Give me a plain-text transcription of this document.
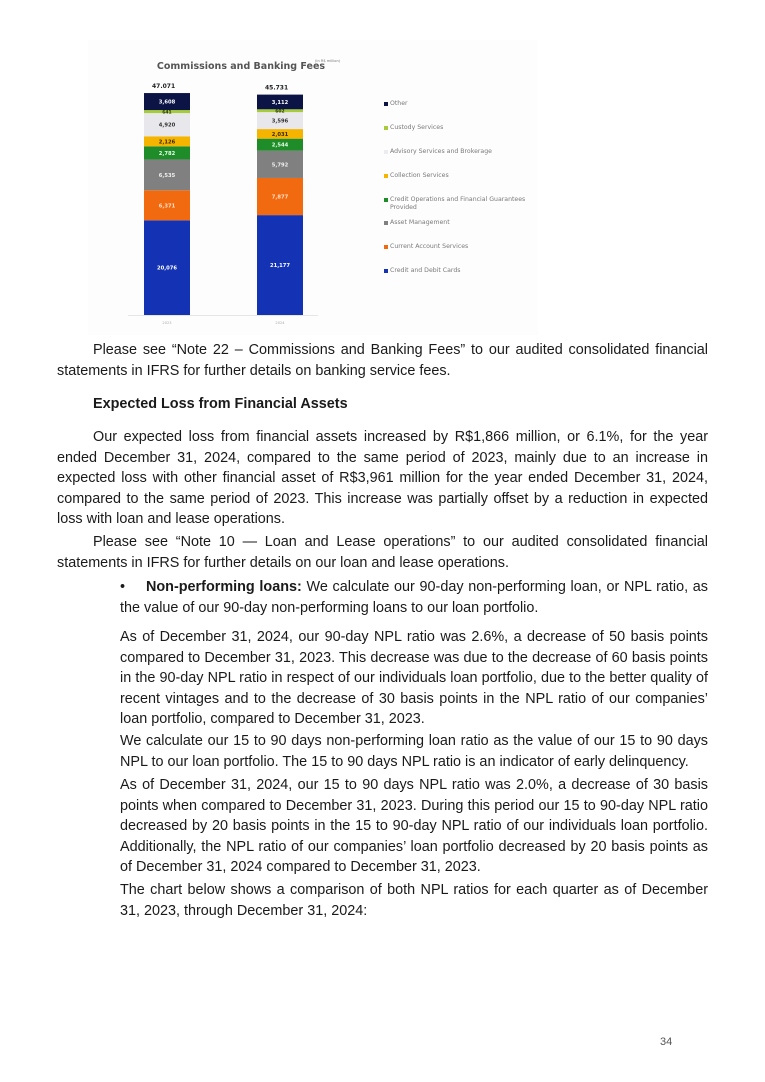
Commissions and Banking Fees
(In R$ million)
20,076
6,371
6,535
2,782
2,126
4,920
641
3,608
47.071
2023
21,177
7,877
5,792
2,544
2,031
3,596
602
3,112
45.731
2024
Other
Custody Services
Advisory Services and Brokerage
Collection Services
Credit Operations and Financial Guarantees Provided
Asset Management
Current Account Services
Credit and Debit Cards
Please see “Note 22 – Commissions and Banking Fees” to our audited consolidated financial statements in IFRS for further details on banking service fees.
Expected Loss from Financial Assets
Our expected loss from financial assets increased by R$1,866 million, or 6.1%, for the year ended December 31, 2024, compared to the same period of 2023, mainly due to an increase in expected loss with other financial asset of R$3,961 million for the year ended December 31, 2024, compared to the same period of 2023. This increase was partially offset by a reduction in expected loss with loan and lease operations.
Please see “Note 10 — Loan and Lease operations” to our audited consolidated financial statements in IFRS for further details on our loan and lease operations.
• Non-performing loans: We calculate our 90-day non-performing loan, or NPL ratio, as the value of our 90-day non-performing loans to our loan portfolio.
As of December 31, 2024, our 90-day NPL ratio was 2.6%, a decrease of 50 basis points compared to December 31, 2023. This decrease was due to the decrease of 60 basis points in the 90-day NPL ratio in respect of our individuals loan portfolio, due to the better quality of recent vintages and to the decrease of 30 basis points in the NPL ratio of our companies’ loan portfolio, compared to December 31, 2023.
We calculate our 15 to 90 days non-performing loan ratio as the value of our 15 to 90 days NPL to our loan portfolio. The 15 to 90 days NPL ratio is an indicator of early delinquency.
As of December 31, 2024, our 15 to 90 days NPL ratio was 2.0%, a decrease of 30 basis points when compared to December 31, 2023. During this period our 15 to 90-day NPL ratio decreased by 20 basis points in the 15 to 90-day NPL ratio of our individuals loan portfolio. Additionally, the NPL ratio of our companies’ loan portfolio decreased by 20 basis points as of December 31, 2024 compared to December 31, 2023.
The chart below shows a comparison of both NPL ratios for each quarter as of December 31, 2023, through December 31, 2024:
34
